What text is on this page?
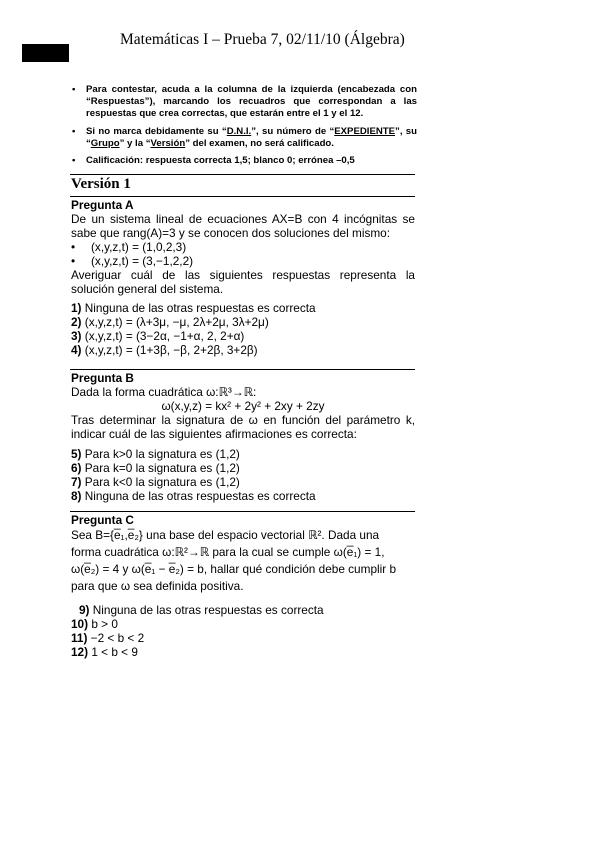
Matemáticas I – Prueba 7, 02/11/10 (Álgebra)
• Para contestar, acuda a la columna de la izquierda (encabezada con “Respuestas”), marcando los recuadros que correspondan a las respuestas que crea correctas, que estarán entre el 1 y el 12.
• Si no marca debidamente su “D.N.I.”, su número de “EXPEDIENTE”, su “Grupo” y la “Versión” del examen, no será calificado.
• Calificación: respuesta correcta 1,5; blanco 0; errónea –0,5
Versión 1
Pregunta A
De un sistema lineal de ecuaciones AX=B con 4 incógnitas se sabe que rang(A)=3 y se conocen dos soluciones del mismo:
• (x,y,z,t) = (1,0,2,3)
• (x,y,z,t) = (3,−1,2,2)
Averiguar cuál de las siguientes respuestas representa la solución general del sistema.
1) Ninguna de las otras respuestas es correcta
2) (x,y,z,t) = (λ+3μ, −μ, 2λ+2μ, 3λ+2μ)
3) (x,y,z,t) = (3−2α, −1+α, 2, 2+α)
4) (x,y,z,t) = (1+3β, −β, 2+2β, 3+2β)
Pregunta B
Dada la forma cuadrática ω:ℝ³→ℝ:
ω(x,y,z) = kx² + 2y² + 2xy + 2zy
Tras determinar la signatura de ω en función del parámetro k, indicar cuál de las siguientes afirmaciones es correcta:
5) Para k>0 la signatura es (1,2)
6) Para k=0 la signatura es (1,2)
7) Para k<0 la signatura es (1,2)
8) Ninguna de las otras respuestas es correcta
Pregunta C
Sea B={e̅₁,e̅₂} una base del espacio vectorial ℝ². Dada una
forma cuadrática ω:ℝ²→ℝ para la cual se cumple ω(e̅₁) = 1,
ω(e̅₂) = 4 y ω(e̅₁ − e̅₂) = b, hallar qué condición debe cumplir b
para que ω sea definida positiva.
9) Ninguna de las otras respuestas es correcta
10) b > 0
11) −2 < b < 2
12) 1 < b < 9
